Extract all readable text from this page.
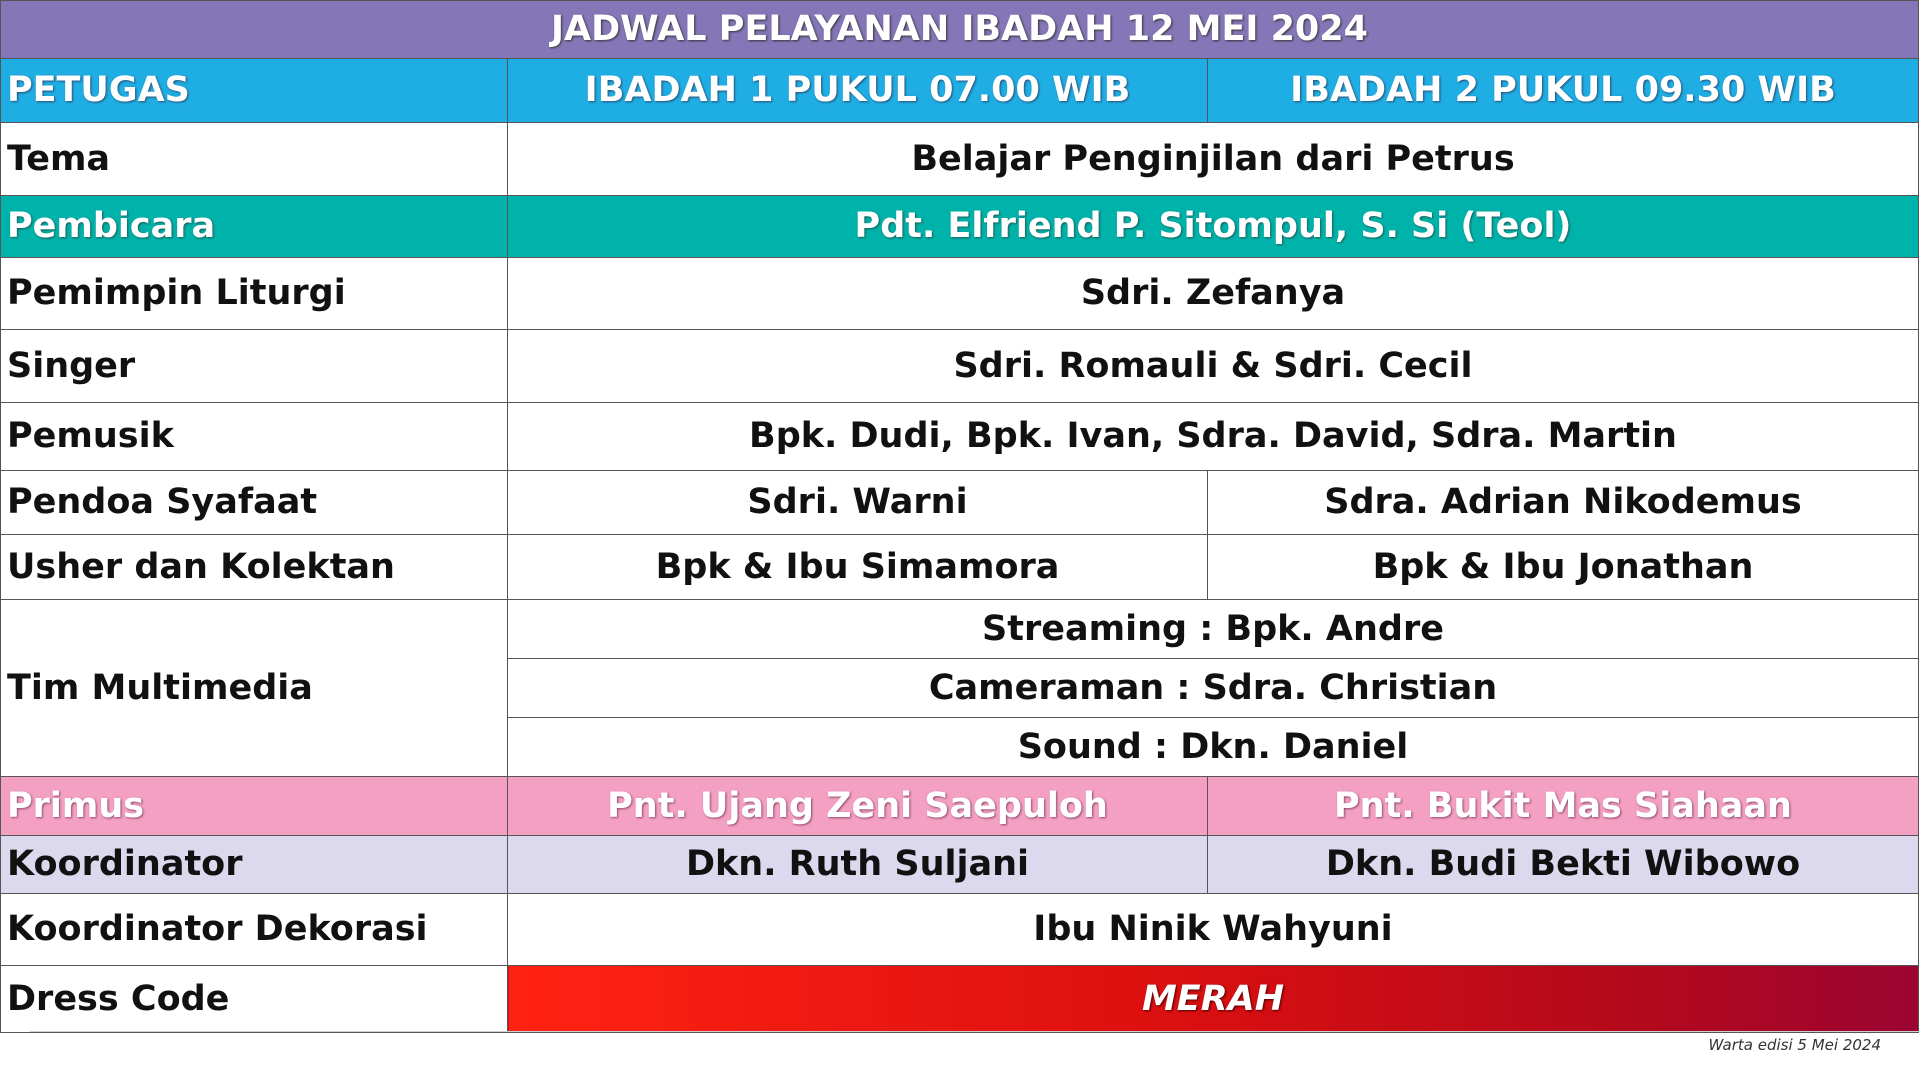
JADWAL PELAYANAN IBADAH 12 MEI 2024		
PETUGAS	IBADAH 1 PUKUL 07.00 WIB	IBADAH 2 PUKUL 09.30 WIB
Tema	Belajar Penginjilan dari Petrus	
Pembicara	Pdt. Elfriend P. Sitompul, S. Si (Teol)	
Pemimpin Liturgi	Sdri. Zefanya	
Singer	Sdri. Romauli & Sdri. Cecil	
Pemusik	Bpk. Dudi, Bpk. Ivan, Sdra. David, Sdra. Martin	
Pendoa Syafaat	Sdri. Warni	Sdra. Adrian Nikodemus
Usher dan Kolektan	Bpk & Ibu Simamora	Bpk & Ibu Jonathan
Tim Multimedia	Streaming : Bpk. Andre	
	Cameraman : Sdra. Christian	
	Sound : Dkn. Daniel	
Primus	Pnt. Ujang Zeni Saepuloh	Pnt. Bukit Mas Siahaan
Koordinator	Dkn. Ruth Suljani	Dkn. Budi Bekti Wibowo
Koordinator Dekorasi	Ibu Ninik Wahyuni	
Dress Code	MERAH	
Warta edisi 5 Mei 2024
